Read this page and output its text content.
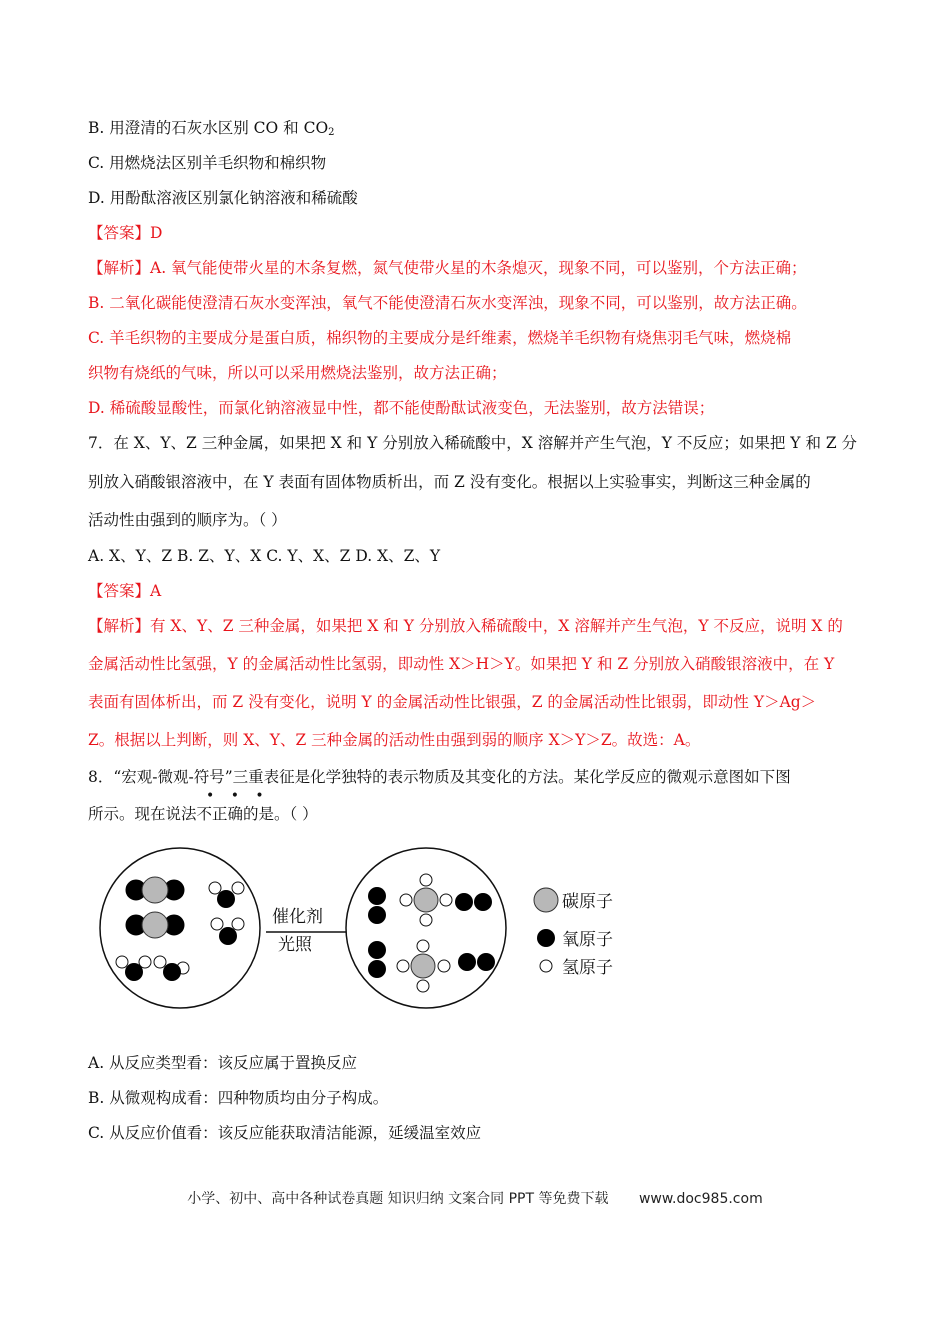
B. 用澄清的石灰水区别 CO 和 $CO_2$
C. 用燃烧法区别羊毛织物和棉织物
D. 用酚酞溶液区别氯化钠溶液和稀硫酸
【答案】D
【解析】A. 氧气能使带火星的木条复燃，氮气使带火星的木条熄灭，现象不同，可以鉴别，个方法正确；
B. 二氧化碳能使澄清石灰水变浑浊，氧气不能使澄清石灰水变浑浊，现象不同，可以鉴别，故方法正确。
C. 羊毛织物的主要成分是蛋白质，棉织物的主要成分是纤维素，燃烧羊毛织物有烧焦羽毛气味，燃烧棉
织物有烧纸的气味，所以可以采用燃烧法鉴别，故方法正确；
D. 稀硫酸显酸性，而氯化钠溶液显中性，都不能使酚酞试液变色，无法鉴别，故方法错误；
7．在 X、Y、Z 三种金属，如果把 X 和 Y 分别放入稀硫酸中，X 溶解并产生气泡，Y 不反应；如果把 Y 和 Z 分
别放入硝酸银溶液中，在 Y 表面有固体物质析出，而 Z 没有变化。根据以上实验事实，判断这三种金属的
活动性由强到的顺序为。（ ）
A. X、Y、Z B. Z、Y、X C. Y、X、Z D. X、Z、Y
【答案】A
【解析】有 X、Y、Z 三种金属，如果把 X 和 Y 分别放入稀硫酸中，X 溶解并产生气泡，Y 不反应，说明 X 的
金属活动性比氢强，Y 的金属活动性比氢弱，即动性 X＞H＞Y。如果把 Y 和 Z 分别放入硝酸银溶液中，在 Y
表面有固体析出，而 Z 没有变化，说明 Y 的金属活动性比银强，Z 的金属活动性比银弱，即动性 Y＞Ag＞
Z。根据以上判断，则 X、Y、Z 三种金属的活动性由强到弱的顺序 X＞Y＞Z。故选：A。
8．“宏观-微观-符号”三重表征是化学独特的表示物质及其变化的方法。某化学反应的微观示意图如下图
• • •
所示。现在说法不正确的是。（ ）
催化剂
光照
碳原子
氧原子
氢原子
A. 从反应类型看：该反应属于置换反应
B. 从微观构成看：四种物质均由分子构成。
C. 从反应价值看：该反应能获取清洁能源，延缓温室效应
小学、初中、高中各种试卷真题 知识归纳 文案合同 PPT 等免费下载 www.doc985.com
